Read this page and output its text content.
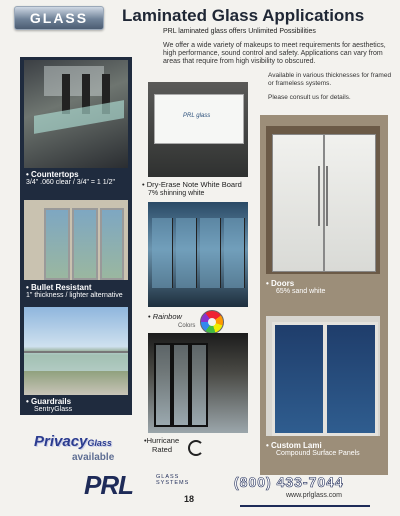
GLASS	Laminated Glass Applications
PRL laminated glass offers Unlimited Possibilities
We offer a wide variety of makeups to meet requirements for aesthetics, high performance, sound control and safety. Applications can vary from areas that require from high visibility to obscured.
Available in various thicknesses for framed or frameless systems.
Please consult us for details.
• Countertops
3/4" .060 clear / 3/4" = 1 1/2"
• Bullet Resistant
1" thickness / lighter alternative
• Guardrails
SentryGlass
PRL glass
• Dry-Erase Note White Board
7% shinning white
• Rainbow
Colors
•Hurricane
Rated
• Doors
65% sand white
• Custom Lami
Compound Surface Panels
PrivacyGlass
available
PRL	GLASS
SYSTEMS
18
(800) 433-7044
www.prlglass.com
